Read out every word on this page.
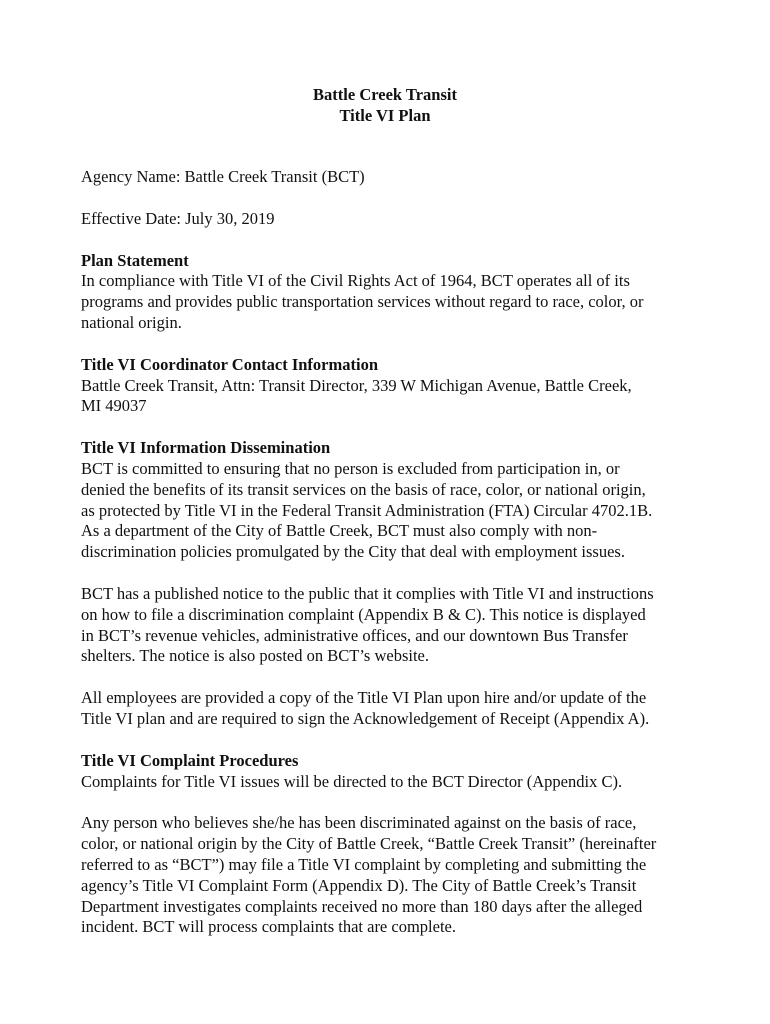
Battle Creek Transit
Title VI Plan

Agency Name: Battle Creek Transit (BCT)

Effective Date: July 30, 2019

Plan Statement
In compliance with Title VI of the Civil Rights Act of 1964, BCT operates all of its
programs and provides public transportation services without regard to race, color, or
national origin.
Title VI Coordinator Contact Information
Battle Creek Transit, Attn: Transit Director, 339 W Michigan Avenue, Battle Creek,
MI 49037
Title VI Information Dissemination
BCT is committed to ensuring that no person is excluded from participation in, or
denied the benefits of its transit services on the basis of race, color, or national origin,
as protected by Title VI in the Federal Transit Administration (FTA) Circular 4702.1B.
As a department of the City of Battle Creek, BCT must also comply with non-
discrimination policies promulgated by the City that deal with employment issues.
BCT has a published notice to the public that it complies with Title VI and instructions
on how to file a discrimination complaint (Appendix B & C). This notice is displayed
in BCT’s revenue vehicles, administrative offices, and our downtown Bus Transfer
shelters. The notice is also posted on BCT’s website.
All employees are provided a copy of the Title VI Plan upon hire and/or update of the
Title VI plan and are required to sign the Acknowledgement of Receipt (Appendix A).
Title VI Complaint Procedures
Complaints for Title VI issues will be directed to the BCT Director (Appendix C).
Any person who believes she/he has been discriminated against on the basis of race,
color, or national origin by the City of Battle Creek, “Battle Creek Transit” (hereinafter
referred to as “BCT”) may file a Title VI complaint by completing and submitting the
agency’s Title VI Complaint Form (Appendix D). The City of Battle Creek’s Transit
Department investigates complaints received no more than 180 days after the alleged
incident. BCT will process complaints that are complete.
